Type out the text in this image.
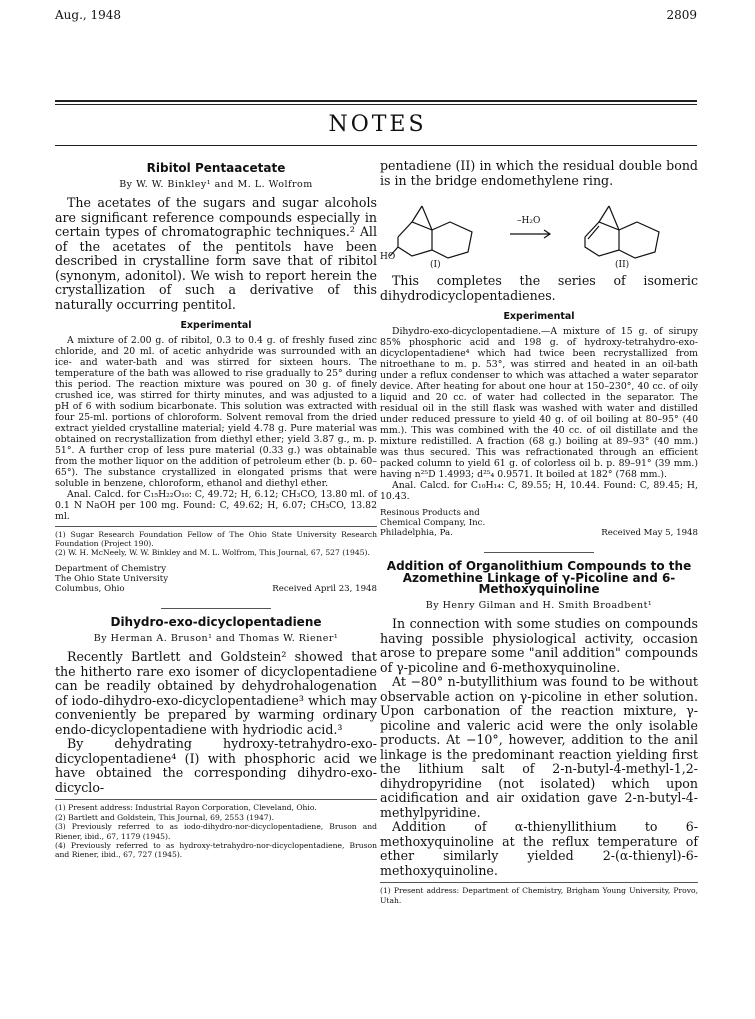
Aug., 1948	2809
NOTES
Ribitol Pentaacetate
By W. W. Binkley¹ and M. L. Wolfrom

The acetates of the sugars and sugar alcohols are significant reference compounds especially in certain types of chromatographic techniques.² All of the acetates of the pentitols have been described in crystalline form save that of ribitol (synonym, adonitol). We wish to report herein the crystallization of such a derivative of this naturally occurring pentitol.

Experimental

A mixture of 2.00 g. of ribitol, 0.3 to 0.4 g. of freshly fused zinc chloride, and 20 ml. of acetic anhydride was surrounded with an ice- and water-bath and was stirred for sixteen hours. The temperature of the bath was allowed to rise gradually to 25° during this period. The reaction mixture was poured on 30 g. of finely crushed ice, was stirred for thirty minutes, and was adjusted to a pH of 6 with sodium bicarbonate. This solution was extracted with four 25-ml. portions of chloroform. Solvent removal from the dried extract yielded crystalline material; yield 4.78 g. Pure material was obtained on recrystallization from diethyl ether; yield 3.87 g., m. p. 51°. A further crop of less pure material (0.33 g.) was obtainable from the mother liquor on the addition of petroleum ether (b. p. 60–65°). The substance crystallized in elongated prisms that were soluble in benzene, chloroform, ethanol and diethyl ether.

Anal. Calcd. for C₁₅H₂₂O₁₀: C, 49.72; H, 6.12; CH₃CO, 13.80 ml. of 0.1 N NaOH per 100 mg. Found: C, 49.62; H, 6.07; CH₃CO, 13.82 ml.

(1) Sugar Research Foundation Fellow of The Ohio State University Research Foundation (Project 190).

(2) W. H. McNeely, W. W. Binkley and M. L. Wolfrom, This Journal, 67, 527 (1945).

Department of Chemistry
The Ohio State University
Columbus, Ohio	Received April 23, 1948
Dihydro-exo-dicyclopentadiene
By Herman A. Bruson¹ and Thomas W. Riener¹

Recently Bartlett and Goldstein² showed that the hitherto rare exo isomer of dicyclopentadiene can be readily obtained by dehydrohalogenation of iodo-dihydro-exo-dicyclopentadiene³ which may conveniently be prepared by warming ordinary endo-dicyclopentadiene with hydriodic acid.³

By dehydrating hydroxy-tetrahydro-exo-dicyclopentadiene⁴ (I) with phosphoric acid we have obtained the corresponding dihydro-exo-dicyclo-

(1) Present address: Industrial Rayon Corporation, Cleveland, Ohio.

(2) Bartlett and Goldstein, This Journal, 69, 2553 (1947).

(3) Previously referred to as iodo-dihydro-nor-dicyclopentadiene, Bruson and Riener, ibid., 67, 1179 (1945).

(4) Previously referred to as hydroxy-tetrahydro-nor-dicyclopentadiene, Bruson and Riener, ibid., 67, 727 (1945).

pentadiene (II) in which the residual double bond is in the bridge endomethylene ring.

–H₂O
HO
(I)	(II)

This completes the series of isomeric dihydrodicyclopentadienes.

Experimental

Dihydro-exo-dicyclopentadiene.—A mixture of 15 g. of sirupy 85% phosphoric acid and 198 g. of hydroxy-tetrahydro-exo-dicyclopentadiene⁴ which had twice been recrystallized from nitroethane to m. p. 53°, was stirred and heated in an oil-bath under a reflux condenser to which was attached a water separator device. After heating for about one hour at 150–230°, 40 cc. of oily liquid and 20 cc. of water had collected in the separator. The residual oil in the still flask was washed with water and distilled under reduced pressure to yield 40 g. of oil boiling at 80–95° (40 mm.). This was combined with the 40 cc. of oil distillate and the mixture redistilled. A fraction (68 g.) boiling at 89–93° (40 mm.) was thus secured. This was refractionated through an efficient packed column to yield 61 g. of colorless oil b. p. 89–91° (39 mm.) having n²⁵D 1.4993; d²⁵₄ 0.9571. It boiled at 182° (768 mm.).

Anal. Calcd. for C₁₀H₁₄: C, 89.55; H, 10.44. Found: C, 89.45; H, 10.43.

Resinous Products and
Chemical Company, Inc.
Philadelphia, Pa.	Received May 5, 1948
Addition of Organolithium Compounds to the Azomethine Linkage of γ-Picoline and 6-Methoxyquinoline
By Henry Gilman and H. Smith Broadbent¹

In connection with some studies on compounds having possible physiological activity, occasion arose to prepare some "anil addition" compounds of γ-picoline and 6-methoxyquinoline.

At −80° n-butyllithium was found to be without observable action on γ-picoline in ether solution. Upon carbonation of the reaction mixture, γ-picoline and valeric acid were the only isolable products. At −10°, however, addition to the anil linkage is the predominant reaction yielding first the lithium salt of 2-n-butyl-4-methyl-1,2-dihydropyridine (not isolated) which upon acidification and air oxidation gave 2-n-butyl-4-methylpyridine.

Addition of α-thienyllithium to 6-methoxyquinoline at the reflux temperature of ether similarly yielded 2-(α-thienyl)-6-methoxyquinoline.

(1) Present address: Department of Chemistry, Brigham Young University, Provo, Utah.
